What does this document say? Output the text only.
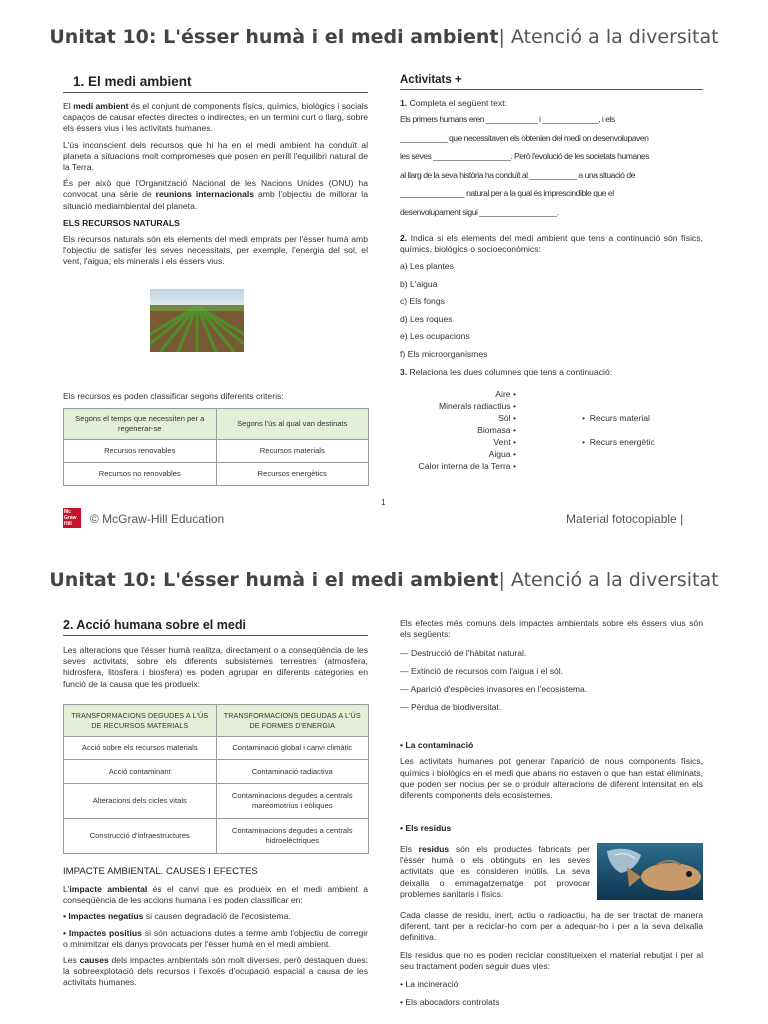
Unitat 10: L'ésser humà i el medi ambient| Atenció a la diversitat
1. El medi ambient

El medi ambient és el conjunt de components físics, químics, biològics i socials capaços de causar efectes directes o indirectes, en un termini curt o llarg, sobre els éssers vius i les activitats humanes.

L'ús inconscient dels recursos que hi ha en el medi ambient ha conduït al planeta a situacions molt compromeses que posen en perill l'equilibri natural de la Terra.

És per això que l'Organització Nacional de les Nacions Unides (ONU) ha convocat una sèrie de reunions internacionals amb l'objectiu de millorar la situació mediambiental del planeta.

ELS RECURSOS NATURALS

Els recursos naturals són els elements del medi emprats per l'ésser humà amb l'objectiu de satisfer les seves necessitats, per exemple, l'energia del sol, el vent, l'aigua, els minerals i els éssers vius.

Els recursos es poden classificar segons diferents criteris:

Segons el temps que necessiten per a regenerar-se	Segons l'ús al qual van destinats
Recursos renovables	Recursos materials
Recursos no renovables	Recursos energètics
Activitats +
1. Completa el següent text:
Els primers humans eren ____________ i _____________, i els
___________ que necessitaven els obtenien del medi on desenvolupaven
les seves __________________. Però l'evolució de les societats humanes
al llarg de la seva història ha conduït al ___________ a una situació de
_______________ natural per a la qual és imprescindible que el
desenvolupament sigui __________________.

2. Indica si els elements del medi ambient que tens a continuació són físics, químics, biològics o socioeconòmics:

a) Les plantes
b) L'aigua
c) Els fongs
d) Les roques
e) Les ocupacions
f) Els microorganismes
3. Relaciona les dues columnes que tens a continuació:
Aire •
Minerals radiactius •
Sòl •
Biomasa •
Vent •
Aigua •
Calor interna de la Terra •
•  Recurs material
•  Recurs energètic
1
Mc Graw Hill	© McGraw-Hill Education	Material fotocopiable |
Unitat 10: L'ésser humà i el medi ambient| Atenció a la diversitat
2. Acció humana sobre el medi

Les alteracions que l'ésser humà realitza, directament o a conseqüència de les seves activitats, sobre els diferents subsistemes terrestres (atmosfera, hidrosfera, litosfera i biosfera) es poden agrupar en diferents categories en funció de la causa que les produeix:

TRANSFORMACIONS DEGUDES A L'ÚS DE RECURSOS MATERIALS	TRANSFORMACIONS DEGUDAS A L'ÚS DE FORMES D'ENERGIA
Acció sobre els recursos materials	Contaminació global i canvi climàtic
Acció contaminant	Contaminació radiactiva
Alteracions dels cicles vitals	Contaminacions degudes a centrals mareomotrius i eòliques
Construcció d'infraestructures	Contaminacions degudes a centrals hidroelèctriques
IMPACTE AMBIENTAL. CAUSES I EFECTES

L'impacte ambiental és el canvi que es produeix en el medi ambient a conseqüència de les accions humana i es poden classificar en:

• Impactes negatius si causen degradació de l'ecosistema.

• Impactes positius si són actuacions dutes a terme amb l'objectiu de corregir o minimitzar els danys provocats per l'ésser humà en el medi ambient.

Les causes dels impactes ambientals són molt diverses, però destaquen dues: la sobreexplotació dels recursos i l'excés d'ocupació espacial a causa de les activitats humanes.

Els efectes més comuns dels impactes ambientals sobre els éssers vius són els següents:

— Destrucció de l'hàbitat natural.
— Extinció de recursos com l'aigua i el sòl.
— Aparició d'espècies invasores en l'ecosistema.
— Pèrdua de biodiversitat.
• La contaminació

Les activitats humanes pot generar l'aparició de nous components físics, químics i biològics en el medi que abans no estaven o que han estat eliminats, que poden ser nocius per se o produir alteracions de diferent intensitat en els diferents components dels ecosistemes.

• Els residus

Els residus són els productes fabricats per l'ésser humà o els obtinguts en les seves activitats que es consideren inútils. La seva deixalla o emmagatzematge pot provocar problemes sanitaris i físics.

Cada classe de residu, inert, actiu o radioactiu, ha de ser tractat de manera diferent, tant per a reciclar-ho com per a adequar-ho i per a la seva deixalla definitiva.

Els residus que no es poden reciclar constitueixen el material rebutjat i per al seu tractament poden seguir dues vies:

• La incineració
• Els abocadors controlats
